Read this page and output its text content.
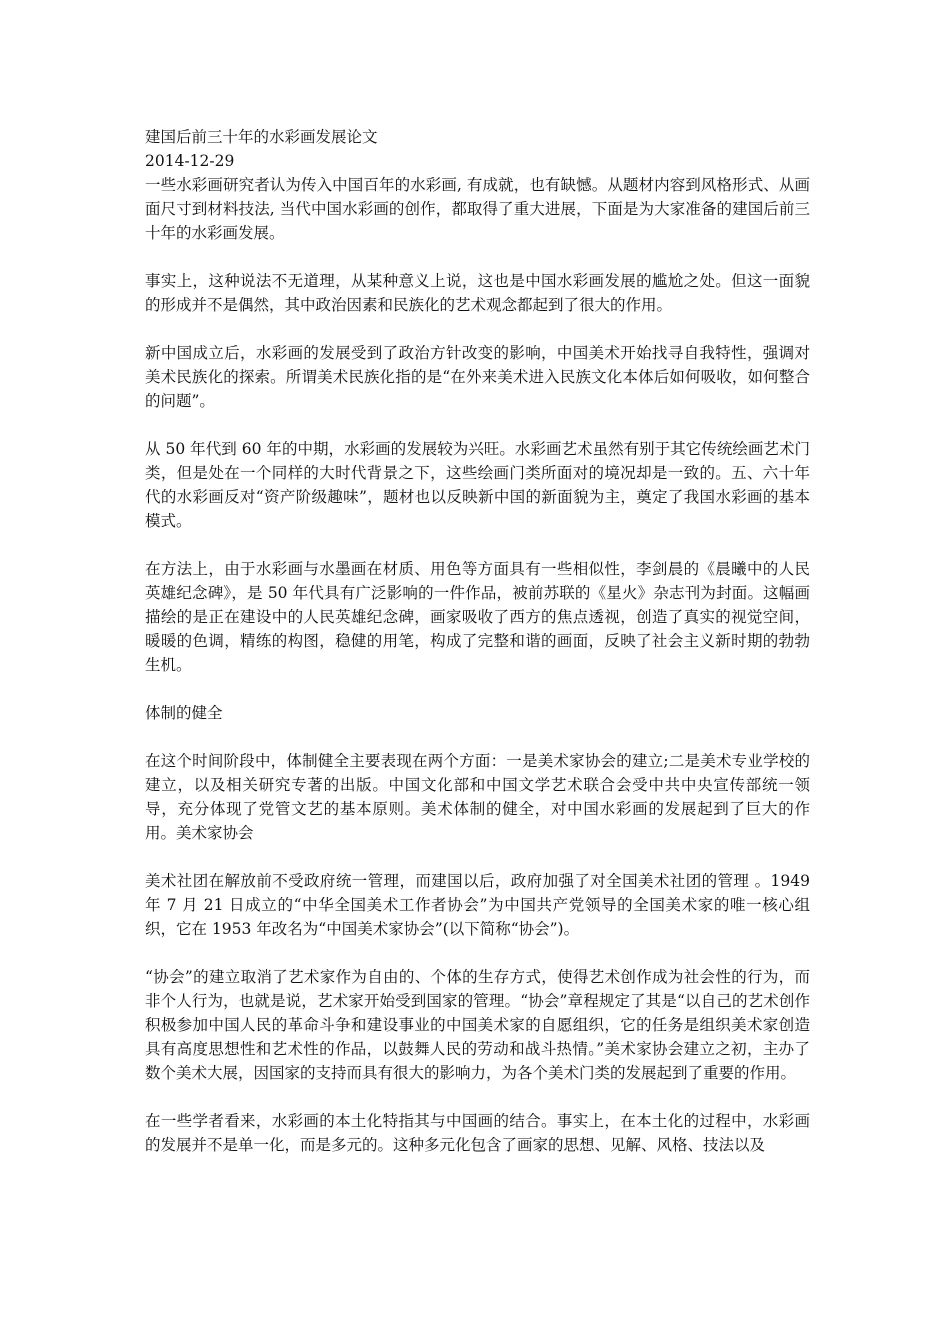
建国后前三十年的水彩画发展论文
2014-12-29

一些水彩画研究者认为传入中国百年的水彩画, 有成就，也有缺憾。从题材内容到风格形式、从画面尺寸到材料技法, 当代中国水彩画的创作，都取得了重大进展，下面是为大家准备的建国后前三十年的水彩画发展。

事实上，这种说法不无道理，从某种意义上说，这也是中国水彩画发展的尴尬之处。但这一面貌的形成并不是偶然，其中政治因素和民族化的艺术观念都起到了很大的作用。

新中国成立后，水彩画的发展受到了政治方针改变的影响，中国美术开始找寻自我特性，强调对美术民族化的探索。所谓美术民族化指的是“在外来美术进入民族文化本体后如何吸收，如何整合的问题”。

从 50 年代到 60 年的中期，水彩画的发展较为兴旺。水彩画艺术虽然有别于其它传统绘画艺术门类，但是处在一个同样的大时代背景之下，这些绘画门类所面对的境况却是一致的。五、六十年代的水彩画反对“资产阶级趣味”，题材也以反映新中国的新面貌为主，奠定了我国水彩画的基本模式。

在方法上，由于水彩画与水墨画在材质、用色等方面具有一些相似性，李剑晨的《晨曦中的人民英雄纪念碑》，是 50 年代具有广泛影响的一件作品，被前苏联的《星火》杂志刊为封面。这幅画描绘的是正在建设中的人民英雄纪念碑，画家吸收了西方的焦点透视，创造了真实的视觉空间，暖暖的色调，精练的构图，稳健的用笔，构成了完整和谐的画面，反映了社会主义新时期的勃勃生机。

体制的健全

在这个时间阶段中，体制健全主要表现在两个方面：一是美术家协会的建立;二是美术专业学校的建立，以及相关研究专著的出版。中国文化部和中国文学艺术联合会受中共中央宣传部统一领导，充分体现了党管文艺的基本原则。美术体制的健全，对中国水彩画的发展起到了巨大的作用。美术家协会

美术社团在解放前不受政府统一管理，而建国以后，政府加强了对全国美术社团的管理 。1949 年 7 月 21 日成立的“中华全国美术工作者协会”为中国共产党领导的全国美术家的唯一核心组织，它在 1953 年改名为“中国美术家协会”(以下简称“协会”)。

“协会”的建立取消了艺术家作为自由的、个体的生存方式，使得艺术创作成为社会性的行为，而非个人行为，也就是说，艺术家开始受到国家的管理。“协会”章程规定了其是“以自己的艺术创作积极参加中国人民的革命斗争和建设事业的中国美术家的自愿组织，它的任务是组织美术家创造具有高度思想性和艺术性的作品，以鼓舞人民的劳动和战斗热情。”美术家协会建立之初，主办了数个美术大展，因国家的支持而具有很大的影响力，为各个美术门类的发展起到了重要的作用。

在一些学者看来，水彩画的本土化特指其与中国画的结合。事实上，在本土化的过程中，水彩画的发展并不是单一化，而是多元的。这种多元化包含了画家的思想、见解、风格、技法以及
